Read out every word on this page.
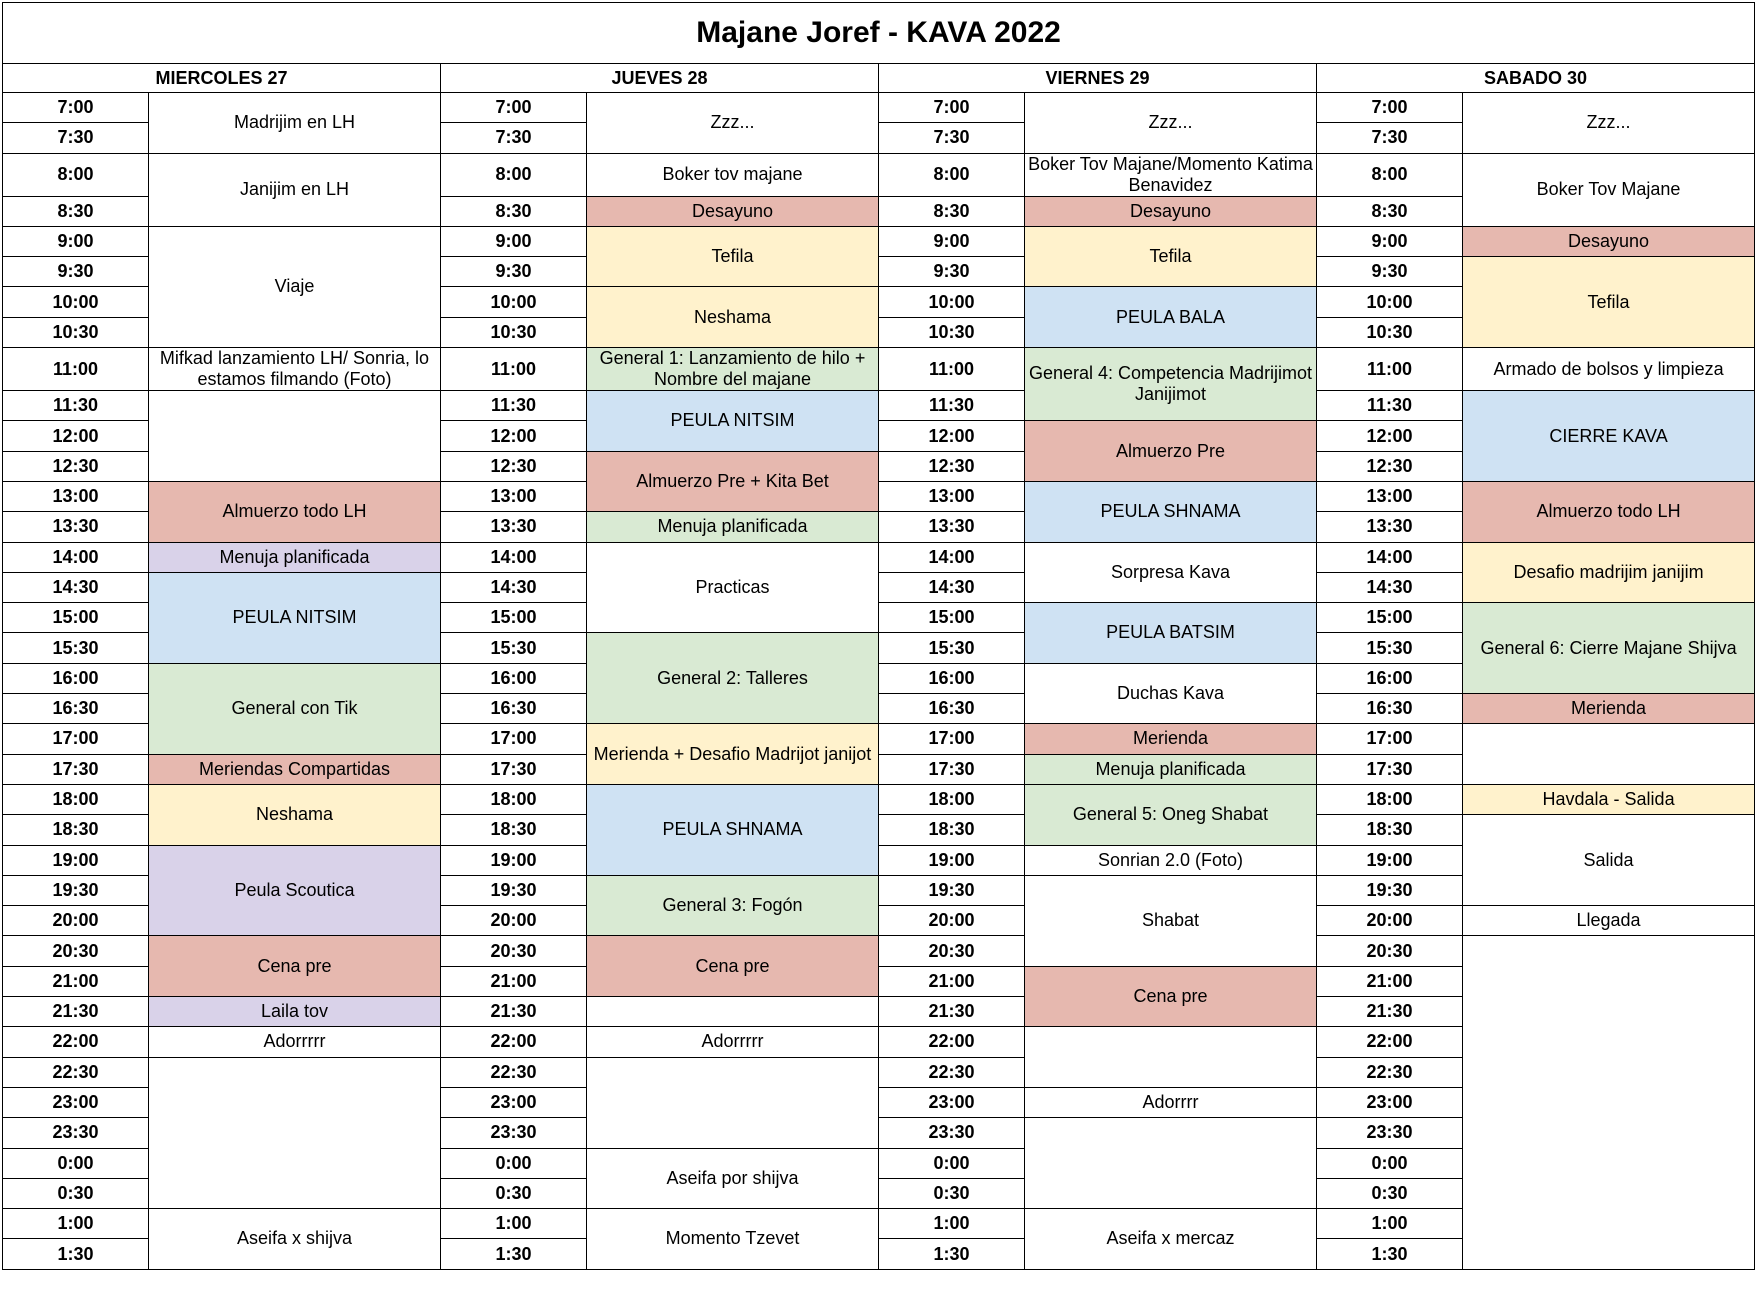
Majane Joref - KAVA 2022							
MIERCOLES 27		JUEVES 28		VIERNES 29		SABADO 30	
7:00	Madrijim en LH	7:00	Zzz...	7:00	Zzz...	7:00	Zzz...
7:30		7:30		7:30		7:30	
8:00	Janijim en LH	8:00	Boker tov majane	8:00	Boker Tov Majane/Momento Katima Benavidez	8:00	Boker Tov Majane
8:30		8:30	Desayuno	8:30	Desayuno	8:30	
9:00	Viaje	9:00	Tefila	9:00	Tefila	9:00	Desayuno
9:30		9:30		9:30		9:30	Tefila
10:00		10:00	Neshama	10:00	PEULA BALA	10:00	
10:30		10:30		10:30		10:30	
11:00	Mifkad lanzamiento LH/ Sonria, lo estamos filmando (Foto)	11:00	General 1: Lanzamiento de hilo + Nombre del majane	11:00	General 4: Competencia Madrijimot Janijimot	11:00	Armado de bolsos y limpieza
11:30		11:30	PEULA NITSIM	11:30		11:30	CIERRE KAVA
12:00		12:00		12:00	Almuerzo Pre	12:00	
12:30		12:30	Almuerzo Pre + Kita Bet	12:30		12:30	
13:00	Almuerzo todo LH	13:00		13:00	PEULA SHNAMA	13:00	Almuerzo todo LH
13:30		13:30	Menuja planificada	13:30		13:30	
14:00	Menuja planificada	14:00	Practicas	14:00	Sorpresa Kava	14:00	Desafio madrijim janijim
14:30	PEULA NITSIM	14:30		14:30		14:30	
15:00		15:00		15:00	PEULA BATSIM	15:00	General 6: Cierre Majane Shijva
15:30		15:30	General 2: Talleres	15:30		15:30	
16:00	General con Tik	16:00		16:00	Duchas Kava	16:00	
16:30		16:30		16:30		16:30	Merienda
17:00		17:00	Merienda + Desafio Madrijot janijot	17:00	Merienda	17:00	
17:30	Meriendas Compartidas	17:30		17:30	Menuja planificada	17:30	
18:00	Neshama	18:00	PEULA SHNAMA	18:00	General 5: Oneg Shabat	18:00	Havdala - Salida
18:30		18:30		18:30		18:30	Salida
19:00	Peula Scoutica	19:00		19:00	Sonrian 2.0 (Foto)	19:00	
19:30		19:30	General 3: Fogón	19:30	Shabat	19:30	
20:00		20:00		20:00		20:00	Llegada
20:30	Cena pre	20:30	Cena pre	20:30		20:30	
21:00		21:00		21:00	Cena pre	21:00	
21:30	Laila tov	21:30		21:30		21:30	
22:00	Adorrrrr	22:00	Adorrrrr	22:00		22:00	
22:30		22:30		22:30		22:30	
23:00		23:00		23:00	Adorrrr	23:00	
23:30		23:30		23:30		23:30	
0:00		0:00	Aseifa por shijva	0:00		0:00	
0:30		0:30		0:30		0:30	
1:00	Aseifa x shijva	1:00	Momento Tzevet	1:00	Aseifa x mercaz	1:00	
1:30		1:30		1:30		1:30	
